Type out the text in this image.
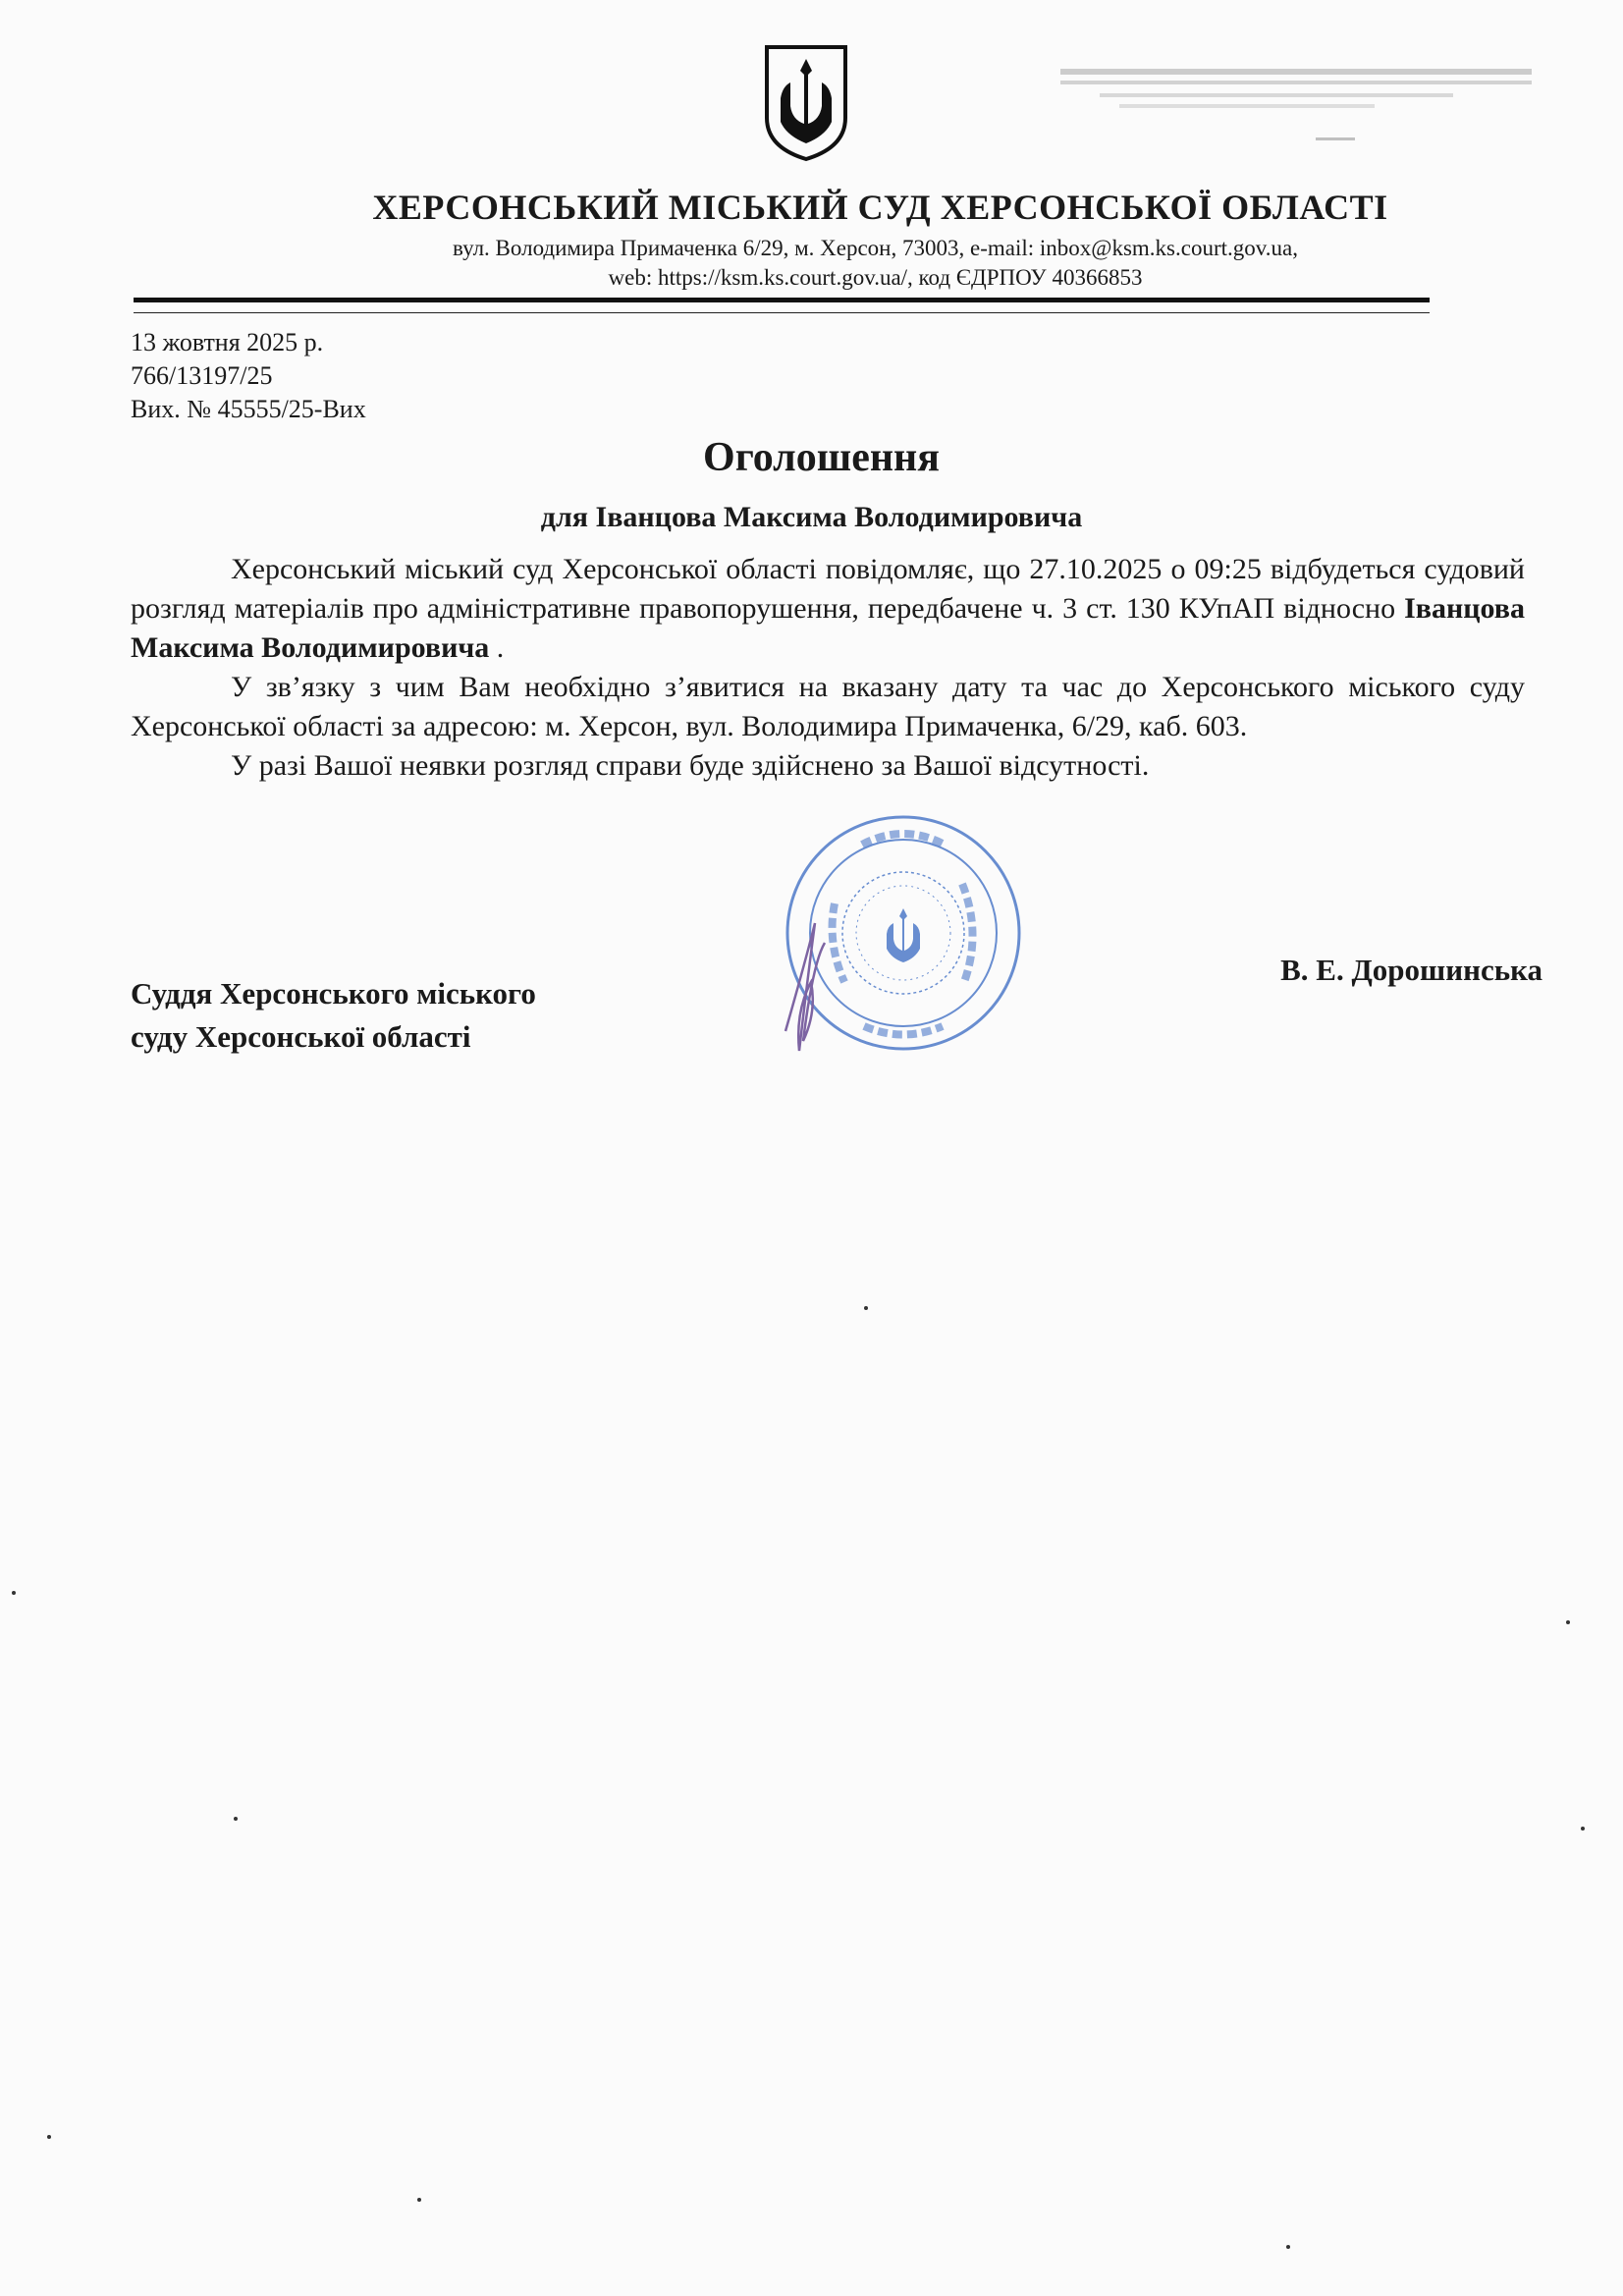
ХЕРСОНСЬКИЙ МІСЬКИЙ СУД ХЕРСОНСЬКОЇ ОБЛАСТІ
вул. Володимира Примаченка 6/29, м. Херсон, 73003, e-mail: inbox@ksm.ks.court.gov.ua,
web: https://ksm.ks.court.gov.ua/, код ЄДРПОУ 40366853
13 жовтня 2025 р.
766/13197/25
Вих. № 45555/25-Вих
Оголошення
для Іванцова Максима Володимировича

Херсонський міський суд Херсонської області повідомляє, що 27.10.2025 о 09:25 відбудеться судовий розгляд матеріалів про адміністративне правопорушення, передбачене ч. 3 ст. 130 КУпАП відносно Іванцова Максима Володимировича .

У зв’язку з чим Вам необхідно з’явитися на вказану дату та час до Херсонського міського суду Херсонської області за адресою: м. Херсон, вул. Володимира Примаченка, 6/29, каб. 603.

У разі Вашої неявки розгляд справи буде здійснено за Вашої відсутності.

Суддя Херсонського міського
суду Херсонської області
В. Е. Дорошинська
